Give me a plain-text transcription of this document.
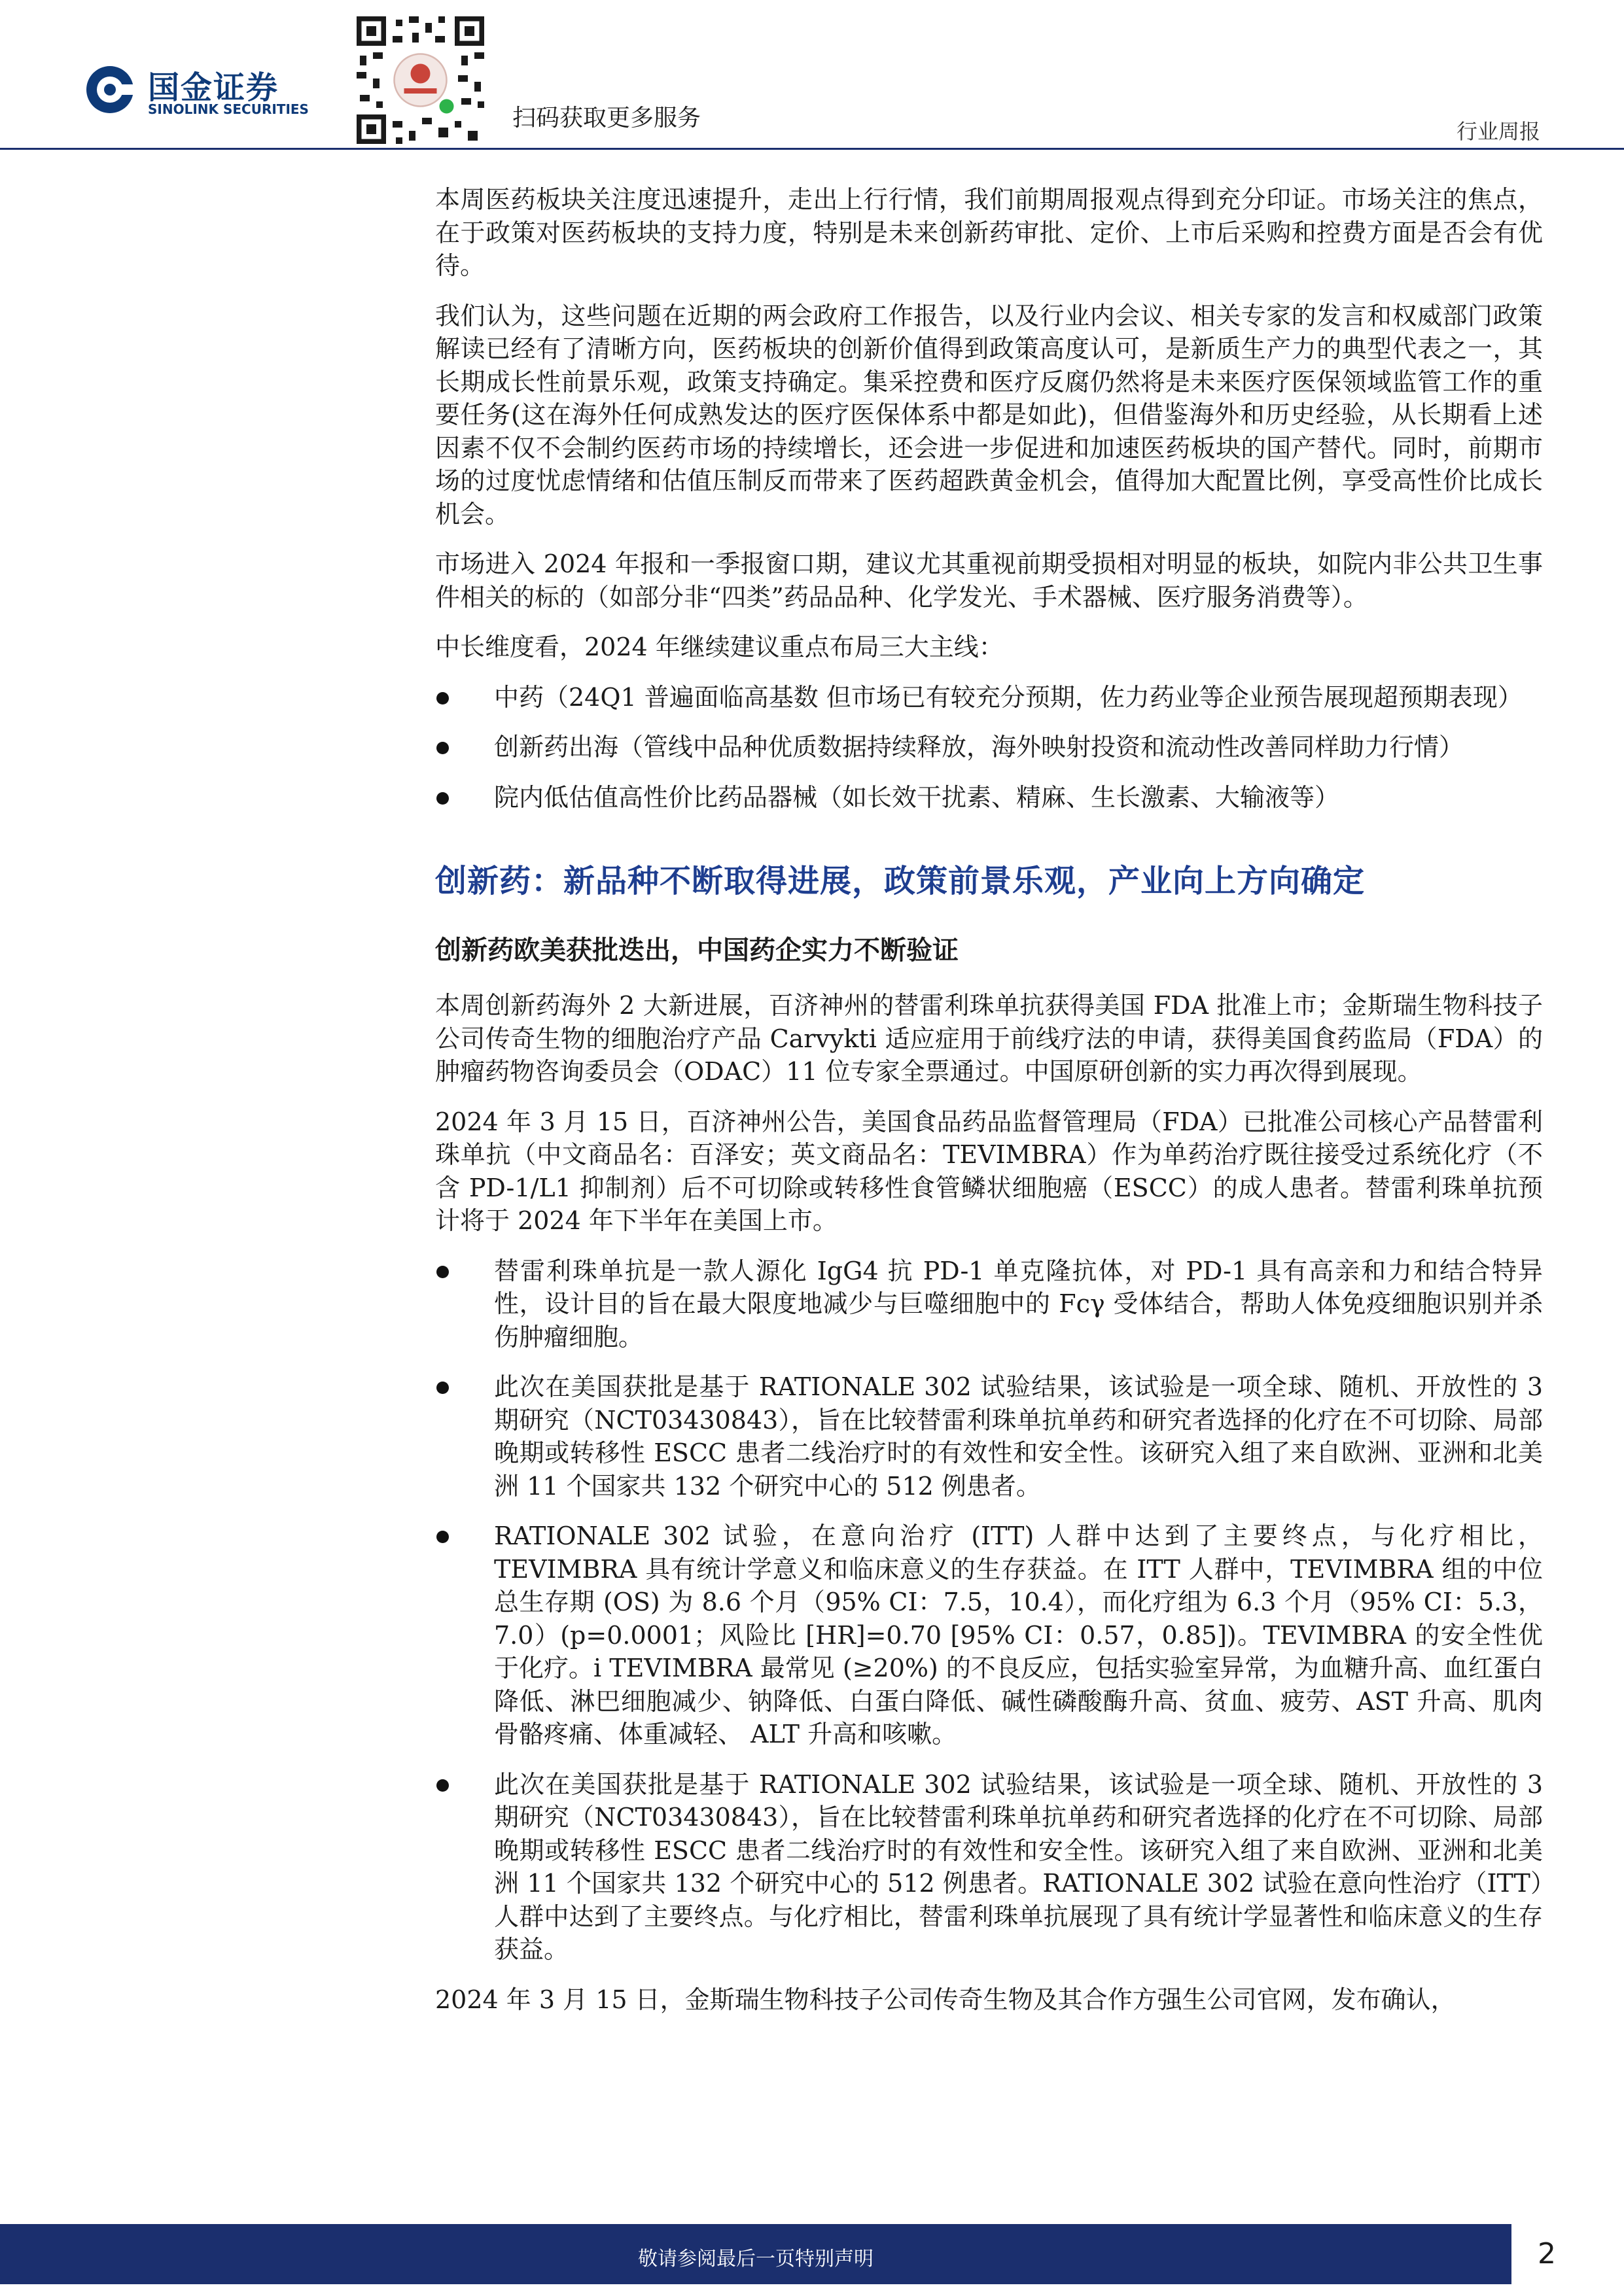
国金证券
SINOLINK SECURITIES	扫码获取更多服务	行业周报

本周医药板块关注度迅速提升，走出上行行情，我们前期周报观点得到充分印证。市场关注的焦点，在于政策对医药板块的支持力度，特别是未来创新药审批、定价、上市后采购和控费方面是否会有优待。

我们认为，这些问题在近期的两会政府工作报告，以及行业内会议、相关专家的发言和权威部门政策解读已经有了清晰方向，医药板块的创新价值得到政策高度认可，是新质生产力的典型代表之一，其长期成长性前景乐观，政策支持确定。集采控费和医疗反腐仍然将是未来医疗医保领域监管工作的重要任务(这在海外任何成熟发达的医疗医保体系中都是如此)，但借鉴海外和历史经验，从长期看上述因素不仅不会制约医药市场的持续增长，还会进一步促进和加速医药板块的国产替代。同时，前期市场的过度忧虑情绪和估值压制反而带来了医药超跌黄金机会，值得加大配置比例，享受高性价比成长机会。

市场进入 2024 年报和一季报窗口期，建议尤其重视前期受损相对明显的板块，如院内非公共卫生事件相关的标的（如部分非“四类”药品品种、化学发光、手术器械、医疗服务消费等）。

中长维度看，2024 年继续建议重点布局三大主线：

中药（24Q1 普遍面临高基数 但市场已有较充分预期，佐力药业等企业预告展现超预期表现）
创新药出海（管线中品种优质数据持续释放，海外映射投资和流动性改善同样助力行情）
院内低估值高性价比药品器械（如长效干扰素、精麻、生长激素、大输液等）
创新药：新品种不断取得进展，政策前景乐观，产业向上方向确定
创新药欧美获批迭出，中国药企实力不断验证

本周创新药海外 2 大新进展，百济神州的替雷利珠单抗获得美国 FDA 批准上市；金斯瑞生物科技子公司传奇生物的细胞治疗产品 Carvykti 适应症用于前线疗法的申请，获得美国食药监局（FDA）的肿瘤药物咨询委员会（ODAC）11 位专家全票通过。中国原研创新的实力再次得到展现。

2024 年 3 月 15 日，百济神州公告，美国食品药品监督管理局（FDA）已批准公司核心产品替雷利珠单抗（中文商品名：百泽安；英文商品名：TEVIMBRA）作为单药治疗既往接受过系统化疗（不含 PD-1/L1 抑制剂）后不可切除或转移性食管鳞状细胞癌（ESCC）的成人患者。替雷利珠单抗预计将于 2024 年下半年在美国上市。

替雷利珠单抗是一款人源化 IgG4 抗 PD-1 单克隆抗体，对 PD-1 具有高亲和力和结合特异性，设计目的旨在最大限度地减少与巨噬细胞中的 Fcγ 受体结合，帮助人体免疫细胞识别并杀伤肿瘤细胞。
此次在美国获批是基于 RATIONALE 302 试验结果，该试验是一项全球、随机、开放性的 3 期研究（NCT03430843），旨在比较替雷利珠单抗单药和研究者选择的化疗在不可切除、局部晚期或转移性 ESCC 患者二线治疗时的有效性和安全性。该研究入组了来自欧洲、亚洲和北美洲 11 个国家共 132 个研究中心的 512 例患者。
RATIONALE 302 试验，在意向治疗 (ITT) 人群中达到了主要终点，与化疗相比，TEVIMBRA 具有统计学意义和临床意义的生存获益。在 ITT 人群中，TEVIMBRA 组的中位总生存期 (OS) 为 8.6 个月（95% CI：7.5，10.4），而化疗组为 6.3 个月（95% CI：5.3，7.0）(p=0.0001；风险比 [HR]=0.70 [95% CI：0.57，0.85])。TEVIMBRA 的安全性优于化疗。i TEVIMBRA 最常见 (≥20%) 的不良反应，包括实验室异常，为血糖升高、血红蛋白降低、淋巴细胞减少、钠降低、白蛋白降低、碱性磷酸酶升高、贫血、疲劳、AST 升高、肌肉骨骼疼痛、体重减轻、 ALT 升高和咳嗽。
此次在美国获批是基于 RATIONALE 302 试验结果，该试验是一项全球、随机、开放性的 3 期研究（NCT03430843），旨在比较替雷利珠单抗单药和研究者选择的化疗在不可切除、局部晚期或转移性 ESCC 患者二线治疗时的有效性和安全性。该研究入组了来自欧洲、亚洲和北美洲 11 个国家共 132 个研究中心的 512 例患者。RATIONALE 302 试验在意向性治疗（ITT）人群中达到了主要终点。与化疗相比，替雷利珠单抗展现了具有统计学显著性和临床意义的生存获益。

2024 年 3 月 15 日，金斯瑞生物科技子公司传奇生物及其合作方强生公司官网，发布确认，

敬请参阅最后一页特别声明	2
